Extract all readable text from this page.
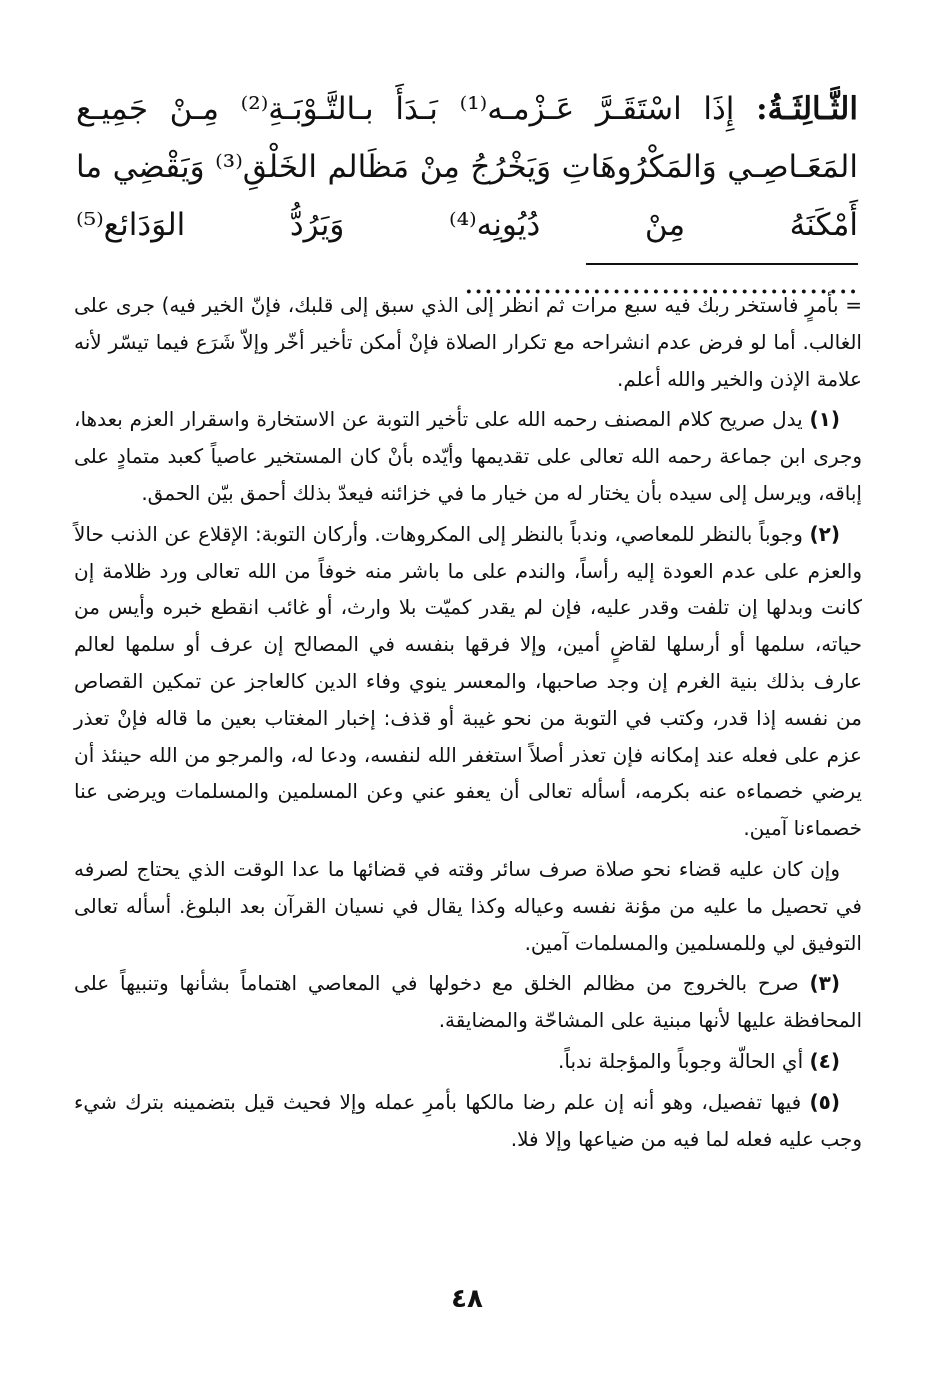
الثَّـالِثَـةُ: إِذَا اسْتَقَـرَّ عَـزْمـه⁽¹⁾ بَـدَأَ بـالتَّـوْبَـةِ⁽²⁾ مِـنْ جَمِيـع المَعَـاصِـي وَالمَكْرُوهَاتِ وَيَخْرُجُ مِنْ مَظَالم الخَلْقِ⁽³⁾ وَيَقْضِي ما أَمْكَنَهُ مِنْ دُيُونِه⁽⁴⁾ وَيَرُدُّ الوَدَائع⁽⁵⁾ ........................................

= بأمرٍ فاستخر ربك فيه سبع مرات ثم انظر إلى الذي سبق إلى قلبك، فإنّ الخير فيه) جرى على الغالب. أما لو فرض عدم انشراحه مع تكرار الصلاة فإنْ أمكن تأخير أخّر وإلاّ شَرَع فيما تيسّر لأنه علامة الإذن والخير والله أعلم.

(١) يدل صريح كلام المصنف رحمه الله على تأخير التوبة عن الاستخارة واسقرار العزم بعدها، وجرى ابن جماعة رحمه الله تعالى على تقديمها وأيّده بأنْ كان المستخير عاصياً كعبد متمادٍ على إباقه، ويرسل إلى سيده بأن يختار له من خيار ما في خزائنه فيعدّ بذلك أحمق بيّن الحمق.

(٢) وجوباً بالنظر للمعاصي، وندباً بالنظر إلى المكروهات. وأركان التوبة: الإقلاع عن الذنب حالاً والعزم على عدم العودة إليه رأساً، والندم على ما باشر منه خوفاً من الله تعالى ورد ظلامة إن كانت وبدلها إن تلفت وقدر عليه، فإن لم يقدر كميّت بلا وارث، أو غائب انقطع خبره وأيس من حياته، سلمها أو أرسلها لقاضٍ أمين، وإلا فرقها بنفسه في المصالح إن عرف أو سلمها لعالم عارف بذلك بنية الغرم إن وجد صاحبها، والمعسر ينوي وفاء الدين كالعاجز عن تمكين القصاص من نفسه إذا قدر، وكتب في التوبة من نحو غيبة أو قذف: إخبار المغتاب بعين ما قاله فإنْ تعذر عزم على فعله عند إمكانه فإن تعذر أصلاً استغفر الله لنفسه، ودعا له، والمرجو من الله حينئذ أن يرضي خصماءه عنه بكرمه، أسأله تعالى أن يعفو عني وعن المسلمين والمسلمات ويرضى عنا خصماءنا آمين.

وإن كان عليه قضاء نحو صلاة صرف سائر وقته في قضائها ما عدا الوقت الذي يحتاج لصرفه في تحصيل ما عليه من مؤنة نفسه وعياله وكذا يقال في نسيان القرآن بعد البلوغ. أسأله تعالى التوفيق لي وللمسلمين والمسلمات آمين.

(٣) صرح بالخروج من مظالم الخلق مع دخولها في المعاصي اهتماماً بشأنها وتنبيهاً على المحافظة عليها لأنها مبنية على المشاحّة والمضايقة.

(٤) أي الحالّة وجوباً والمؤجلة ندباً.

(٥) فيها تفصيل، وهو أنه إن علم رضا مالكها بأمرِ عمله وإلا فحيث قيل بتضمينه بترك شيء وجب عليه فعله لما فيه من ضياعها وإلا فلا.

٤٨
